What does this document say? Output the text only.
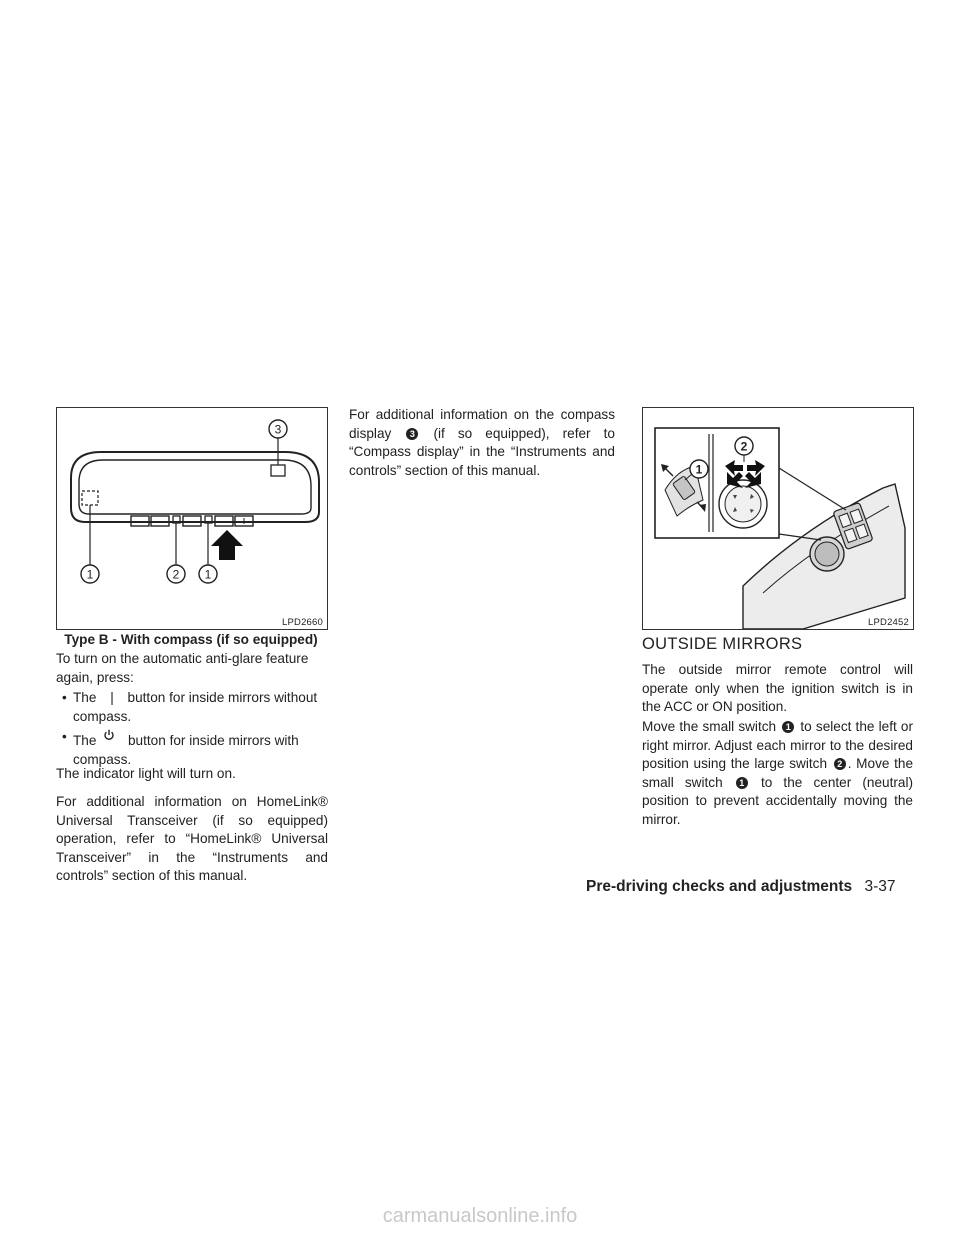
3
1	2 1
LPD2660
Type B - With compass (if so equipped)
To turn on the automatic anti-glare feature again, press:
• The | button for inside mirrors without compass.
• The button for inside mirrors with compass.
The indicator light will turn on.
For additional information on HomeLink® Universal Transceiver (if so equipped) operation, refer to “HomeLink® Universal Transceiver” in the “Instruments and controls” section of this manual.
For additional information on the compass display 3 (if so equipped), refer to “Compass display” in the “Instruments and controls” section of this manual.
2
1
LPD2452
OUTSIDE MIRRORS
The outside mirror remote control will operate only when the ignition switch is in the ACC or ON position.
Move the small switch 1 to select the left or right mirror. Adjust each mirror to the desired position using the large switch 2 . Move the small switch 1 to the center (neutral) position to prevent accidentally moving the mirror.
Pre-driving checks and adjustments 3-37
carmanualsonline.info
